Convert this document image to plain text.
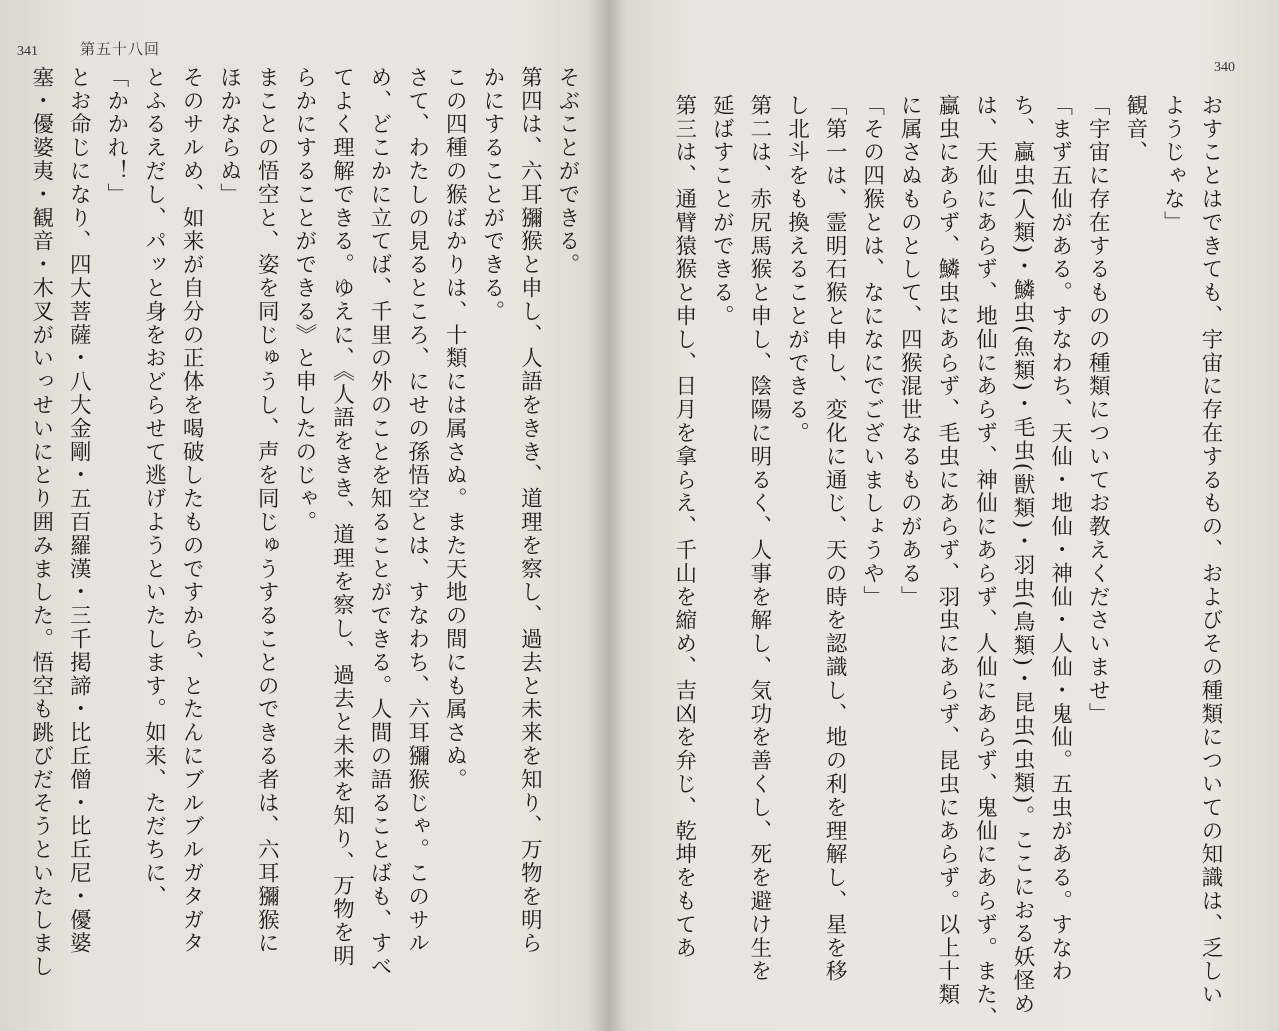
341	第五十八回

そぶことができる。

第四は、六耳獼猴と申し、人語をきき、道理を察し、過去と未来を知り、万物を明ら

かにすることができる。

この四種の猴ばかりは、十類には属さぬ。また天地の間にも属さぬ。

さて、わたしの見るところ、にせの孫悟空とは、すなわち、六耳獼猴じゃ。このサル

め、どこかに立てば、千里の外のことを知ることができる。人間の語ることばも、すべ

てよく理解できる。ゆえに、《人語をきき、道理を察し、過去と未来を知り、万物を明

らかにすることができる》と申したのじゃ。

まことの悟空と、姿を同じゅうし、声を同じゅうすることのできる者は、六耳獼猴に

ほかならぬ」

そのサルめ、如来が自分の正体を喝破したものですから、とたんにブルブルガタガタ

とふるえだし、パッと身をおどらせて逃げようといたします。如来、ただちに、

「かかれ！」

とお命じになり、四大菩薩・八大金剛・五百羅漢・三千掲諦・比丘僧・比丘尼・優婆

塞・優婆夷・観音・木叉がいっせいにとり囲みました。悟空も跳びだそうといたしまし	340

おすことはできても、宇宙に存在するもの、およびその種類についての知識は、乏しい

ようじゃな」

観音、

「宇宙に存在するものの種類についてお教えくださいませ」

「まず五仙がある。すなわち、天仙・地仙・神仙・人仙・鬼仙。五虫がある。すなわ

ち、蠃虫(人類)・鱗虫(魚類)・毛虫(獣類)・羽虫(鳥類)・昆虫(虫類)。ここにおる妖怪め

は、天仙にあらず、地仙にあらず、神仙にあらず、人仙にあらず、鬼仙にあらず。また、

蠃虫にあらず、鱗虫にあらず、毛虫にあらず、羽虫にあらず、昆虫にあらず。以上十類

に属さぬものとして、四猴混世なるものがある」

「その四猴とは、なになにでございましょうや」

「第一は、霊明石猴と申し、変化に通じ、天の時を認識し、地の利を理解し、星を移

し北斗をも換えることができる。

第二は、赤尻馬猴と申し、陰陽に明るく、人事を解し、気功を善くし、死を避け生を

延ばすことができる。

第三は、通臂猿猴と申し、日月を拿らえ、千山を縮め、吉凶を弁じ、乾坤をもてあ
